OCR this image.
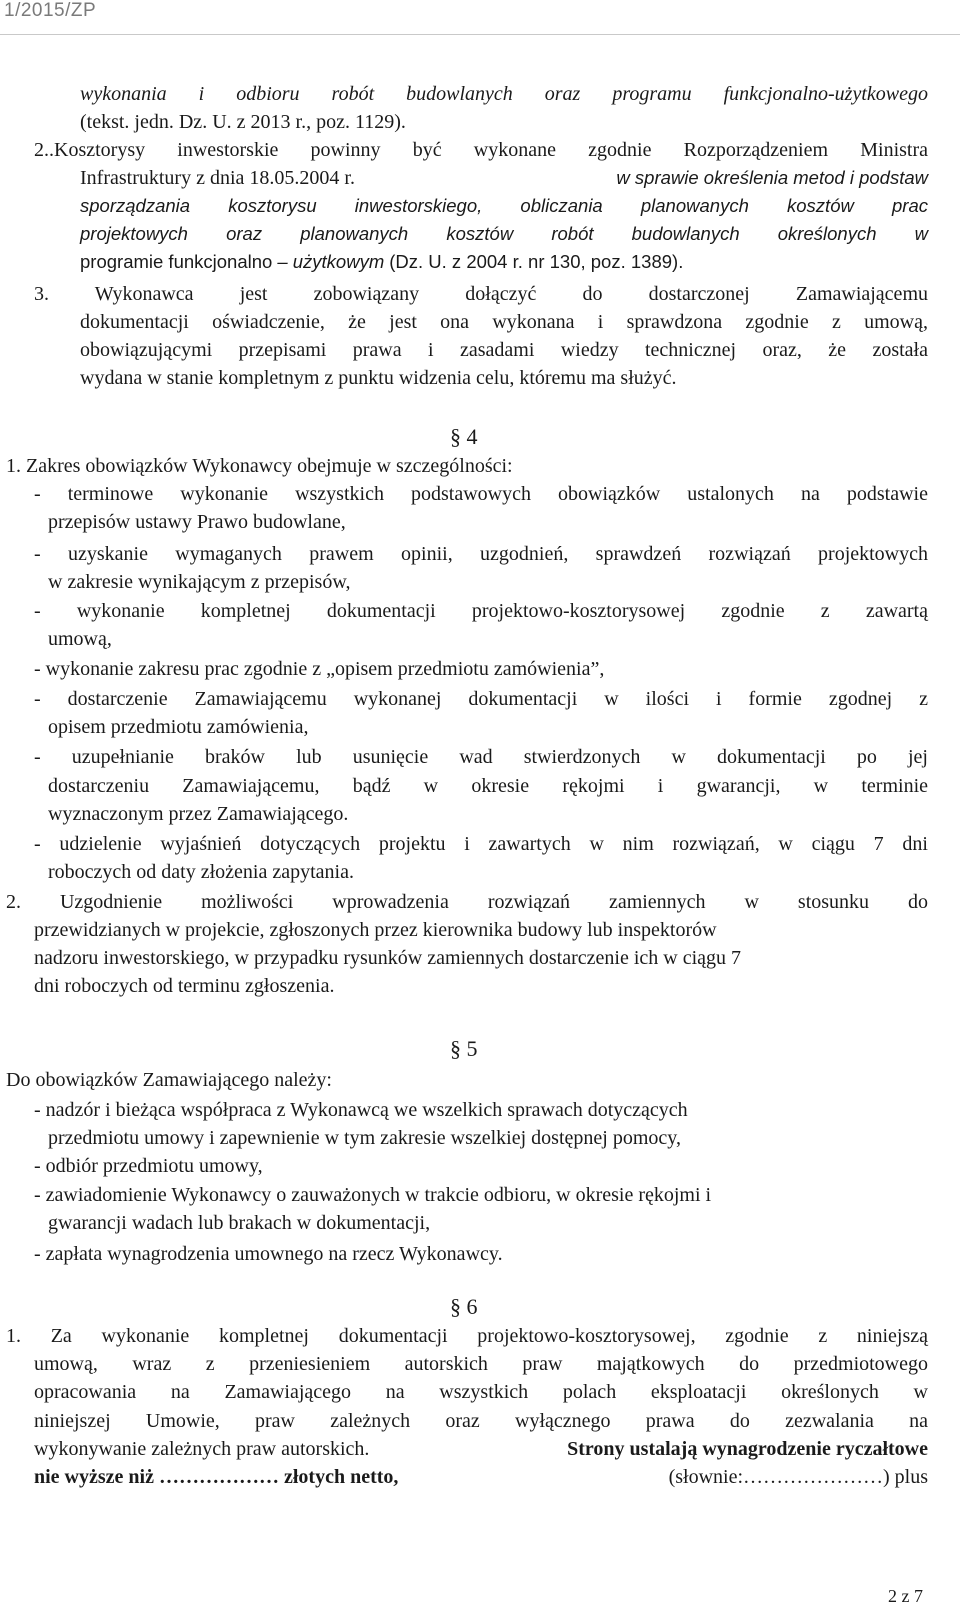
1/2015/ZP
wykonania i odbioru robót budowlanych oraz programu funkcjonalno-użytkowego
(tekst. jedn. Dz. U. z 2013 r., poz. 1129).
2..Kosztorysy inwestorskie powinny być wykonane zgodnie Rozporządzeniem Ministra
Infrastruktury z dnia 18.05.2004 r.	w sprawie określenia metod i podstaw
sporządzania kosztorysu inwestorskiego, obliczania planowanych kosztów prac
projektowych oraz planowanych kosztów robót budowlanych określonych w
programie funkcjonalno – użytkowym (Dz. U. z 2004 r. nr 130, poz. 1389).
3. Wykonawca jest zobowiązany dołączyć do dostarczonej Zamawiającemu
dokumentacji oświadczenie, że jest ona wykonana i sprawdzona zgodnie z umową,
obowiązującymi przepisami prawa i zasadami wiedzy technicznej oraz, że została
wydana w stanie kompletnym z punktu widzenia celu, któremu ma służyć.
§ 4
1. Zakres obowiązków Wykonawcy obejmuje w szczególności:
- terminowe wykonanie wszystkich podstawowych obowiązków ustalonych na podstawie
przepisów ustawy Prawo budowlane,
- uzyskanie wymaganych prawem opinii, uzgodnień, sprawdzeń rozwiązań projektowych
w zakresie wynikającym z przepisów,
- wykonanie kompletnej dokumentacji projektowo-kosztorysowej zgodnie z zawartą
umową,
- wykonanie zakresu prac zgodnie z „opisem przedmiotu zamówienia”,
- dostarczenie Zamawiającemu wykonanej dokumentacji w ilości i formie zgodnej z
opisem przedmiotu zamówienia,
- uzupełnianie braków lub usunięcie wad stwierdzonych w dokumentacji po jej
dostarczeniu Zamawiającemu, bądź w okresie rękojmi i gwarancji, w terminie
wyznaczonym przez Zamawiającego.
- udzielenie wyjaśnień dotyczących projektu i zawartych w nim rozwiązań, w ciągu 7 dni
roboczych od daty złożenia zapytania.
2. Uzgodnienie możliwości wprowadzenia rozwiązań zamiennych w stosunku do
przewidzianych w projekcie, zgłoszonych przez kierownika budowy lub inspektorów
nadzoru inwestorskiego, w przypadku rysunków zamiennych dostarczenie ich w ciągu 7
dni roboczych od terminu zgłoszenia.
§ 5
Do obowiązków Zamawiającego należy:
- nadzór i bieżąca współpraca z Wykonawcą we wszelkich sprawach dotyczących
przedmiotu umowy i zapewnienie w tym zakresie wszelkiej dostępnej pomocy,
- odbiór przedmiotu umowy,
- zawiadomienie Wykonawcy o zauważonych w trakcie odbioru, w okresie rękojmi i
gwarancji wadach lub brakach w dokumentacji,
- zapłata wynagrodzenia umownego na rzecz Wykonawcy.
§ 6
1. Za wykonanie kompletnej dokumentacji projektowo-kosztorysowej, zgodnie z niniejszą
umową, wraz z przeniesieniem autorskich praw majątkowych do przedmiotowego
opracowania na Zamawiającego na wszystkich polach eksploatacji określonych w
niniejszej Umowie, praw zależnych oraz wyłącznego prawa do zezwalania na
wykonywanie zależnych praw autorskich.	Strony ustalają wynagrodzenie ryczałtowe
nie wyższe niż ……………… złotych netto,	(słownie:…………………) plus
2 z 7
